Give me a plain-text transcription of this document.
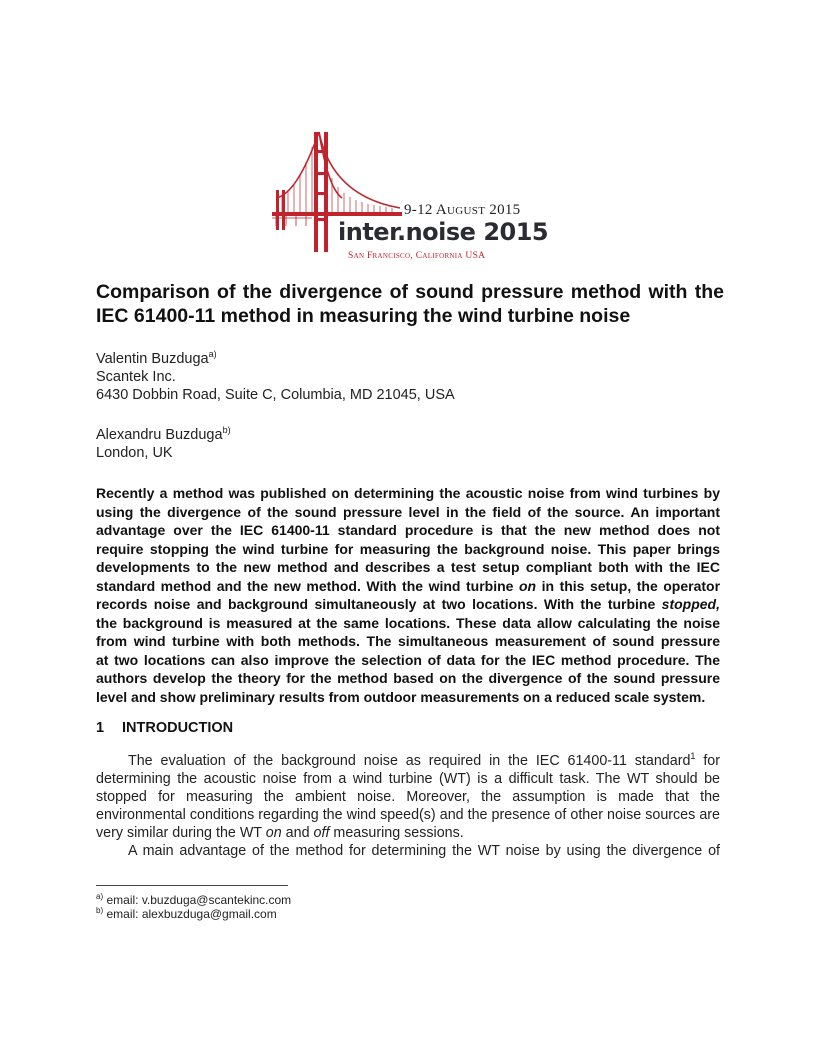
9-12 August 2015
inter.noise 2015
San Francisco, California USA
Comparison of the divergence of sound pressure method with the
IEC 61400-11 method in measuring the wind turbine noise
Valentin Buzduga$^{a)}$
Scantek Inc.
6430 Dobbin Road, Suite C, Columbia, MD 21045, USA
Alexandru Buzduga$^{b)}$
London, UK
Recently a method was published on determining the acoustic noise from wind turbines by
using the divergence of the sound pressure level in the field of the source. An important
advantage over the IEC 61400-11 standard procedure is that the new method does not
require stopping the wind turbine for measuring the background noise. This paper brings
developments to the new method and describes a test setup compliant both with the IEC
standard method and the new method. With the wind turbine on in this setup, the operator
records noise and background simultaneously at two locations. With the turbine stopped,
the background is measured at the same locations. These data allow calculating the noise
from wind turbine with both methods. The simultaneous measurement of sound pressure
at two locations can also improve the selection of data for the IEC method procedure. The
authors develop the theory for the method based on the divergence of the sound pressure
level and show preliminary results from outdoor measurements on a reduced scale system.
1 INTRODUCTION
The evaluation of the background noise as required in the IEC 61400-11 standard$^1$ for
determining the acoustic noise from a wind turbine (WT) is a difficult task. The WT should be
stopped for measuring the ambient noise. Moreover, the assumption is made that the
environmental conditions regarding the wind speed(s) and the presence of other noise sources are
very similar during the WT on and off measuring sessions.
A main advantage of the method for determining the WT noise by using the divergence of
$^{a)}$ email: v.buzduga@scantekinc.com
$^{b)}$ email: alexbuzduga@gmail.com
